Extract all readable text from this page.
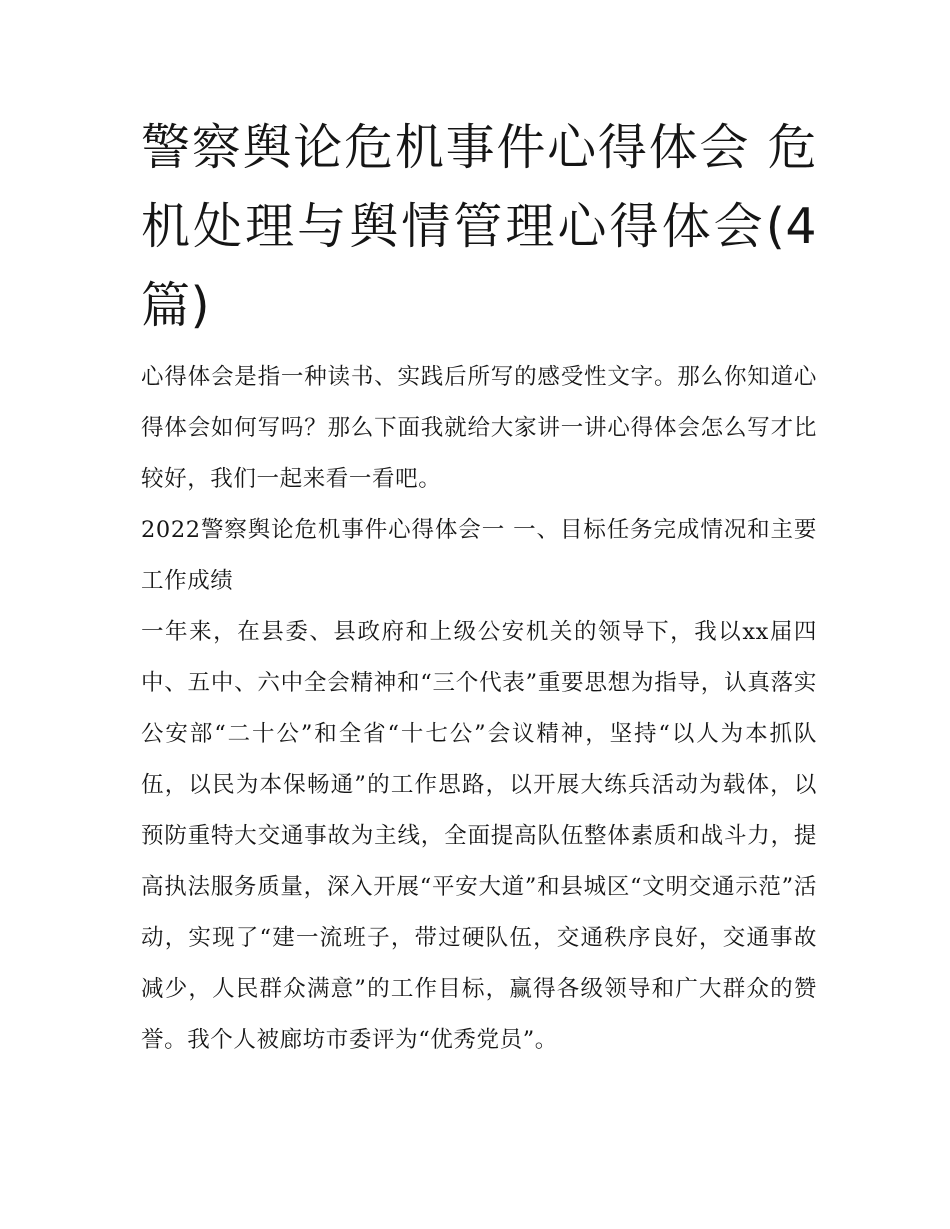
警察舆论危机事件心得体会 危机处理与舆情管理心得体会(4篇)

心得体会是指一种读书、实践后所写的感受性文字。那么你知道心得体会如何写吗？那么下面我就给大家讲一讲心得体会怎么写才比较好，我们一起来看一看吧。

2022警察舆论危机事件心得体会一 一、目标任务完成情况和主要工作成绩

一年来，在县委、县政府和上级公安机关的领导下，我以xx届四中、五中、六中全会精神和“三个代表”重要思想为指导，认真落实公安部“二十公”和全省“十七公”会议精神，坚持“以人为本抓队伍，以民为本保畅通”的工作思路，以开展大练兵活动为载体，以预防重特大交通事故为主线，全面提高队伍整体素质和战斗力，提高执法服务质量，深入开展“平安大道”和县城区“文明交通示范”活动，实现了“建一流班子，带过硬队伍，交通秩序良好，交通事故减少，人民群众满意”的工作目标，赢得各级领导和广大群众的赞誉。我个人被廊坊市委评为“优秀党员”。
